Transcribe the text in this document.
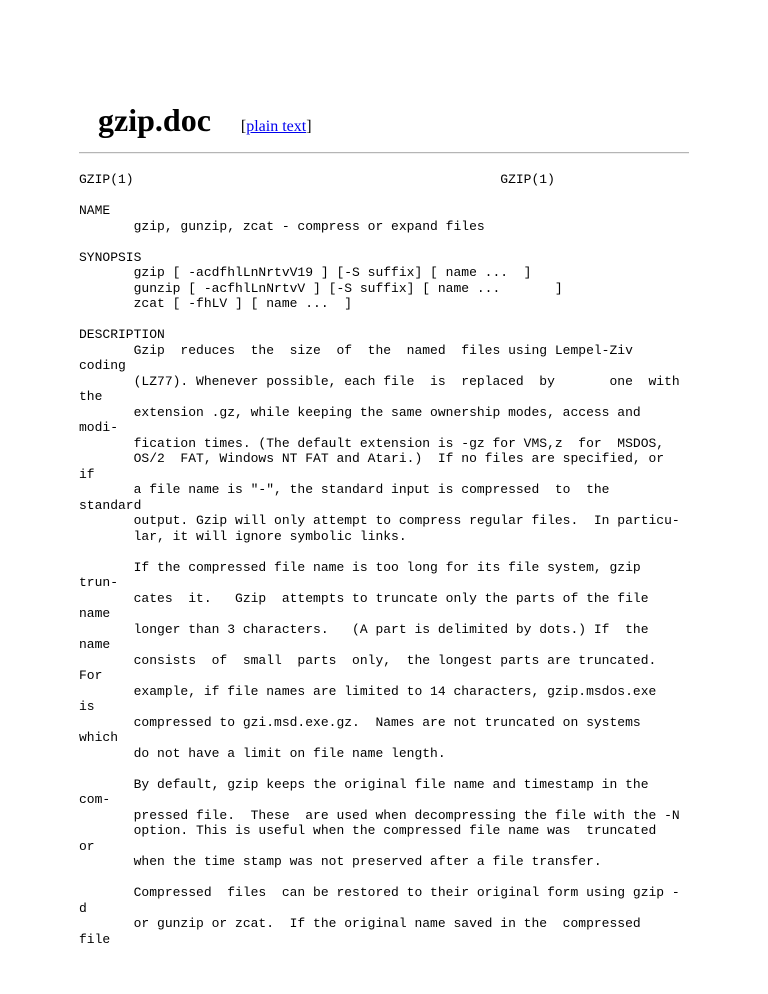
gzip.doc [plain text]
GZIP(1)                                               GZIP(1)

NAME
gzip, gunzip, zcat - compress or expand files

SYNOPSIS
gzip [ -acdfhlLnNrtvV19 ] [-S suffix] [ name ...  ]
gunzip [ -acfhlLnNrtvV ] [-S suffix] [ name ...       ]
zcat [ -fhLV ] [ name ...  ]

DESCRIPTION
Gzip  reduces  the  size  of  the  named  files using Lempel-Ziv
coding
(LZ77). Whenever possible, each file  is  replaced  by       one  with
the
extension .gz, while keeping the same ownership modes, access and
modi-
fication times. (The default extension is -gz for VMS,z  for  MSDOS,
OS/2  FAT, Windows NT FAT and Atari.)  If no files are specified, or
if
a file name is "-", the standard input is compressed  to  the
standard
output. Gzip will only attempt to compress regular files.  In particu-
lar, it will ignore symbolic links.

If the compressed file name is too long for its file system, gzip
trun-
cates  it.   Gzip  attempts to truncate only the parts of the file
name
longer than 3 characters.   (A part is delimited by dots.) If  the
name
consists  of  small  parts  only,  the longest parts are truncated.
For
example, if file names are limited to 14 characters, gzip.msdos.exe
is
compressed to gzi.msd.exe.gz.  Names are not truncated on systems
which
do not have a limit on file name length.

By default, gzip keeps the original file name and timestamp in the
com-
pressed file.  These  are used when decompressing the file with the -N
option. This is useful when the compressed file name was  truncated
or
when the time stamp was not preserved after a file transfer.

Compressed  files  can be restored to their original form using gzip -
d
or gunzip or zcat.  If the original name saved in the  compressed
file
